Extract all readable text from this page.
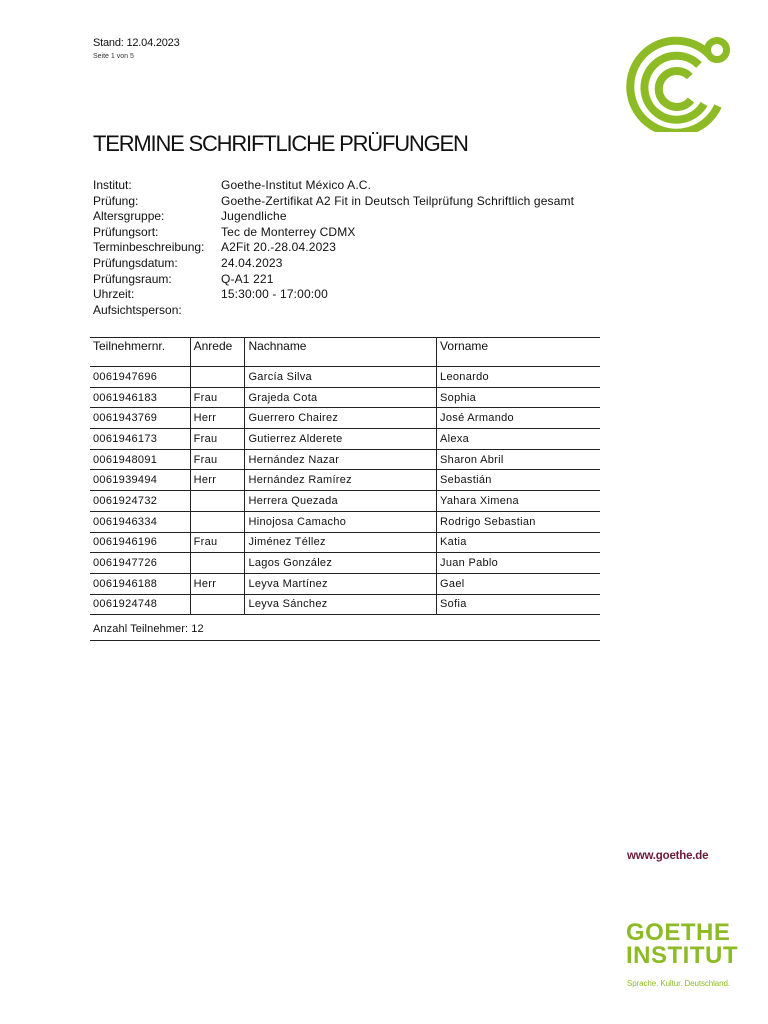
Stand: 12.04.2023
Seite 1 von 5
TERMINE SCHRIFTLICHE PRÜFUNGEN
Institut:	Goethe-Institut México A.C.
Prüfung:	Goethe-Zertifikat A2 Fit in Deutsch Teilprüfung Schriftlich gesamt
Altersgruppe:	Jugendliche
Prüfungsort:	Tec de Monterrey CDMX
Terminbeschreibung:	A2Fit 20.-28.04.2023
Prüfungsdatum:	24.04.2023
Prüfungsraum:	Q-A1 221
Uhrzeit:	15:30:00 - 17:00:00
Aufsichtsperson:
Teilnehmernr.	Anrede	Nachname	Vorname
0061947696		García Silva	Leonardo
0061946183	Frau	Grajeda Cota	Sophia
0061943769	Herr	Guerrero Chairez	José Armando
0061946173	Frau	Gutierrez Alderete	Alexa
0061948091	Frau	Hernández Nazar	Sharon Abril
0061939494	Herr	Hernández Ramírez	Sebastián
0061924732		Herrera Quezada	Yahara Ximena
0061946334		Hinojosa Camacho	Rodrigo Sebastian
0061946196	Frau	Jiménez Téllez	Katia
0061947726		Lagos González	Juan Pablo
0061946188	Herr	Leyva Martínez	Gael
0061924748		Leyva Sánchez	Sofia
Anzahl Teilnehmer: 12			
www.goethe.de
GOETHE
INSTITUT
Sprache. Kultur. Deutschland.
